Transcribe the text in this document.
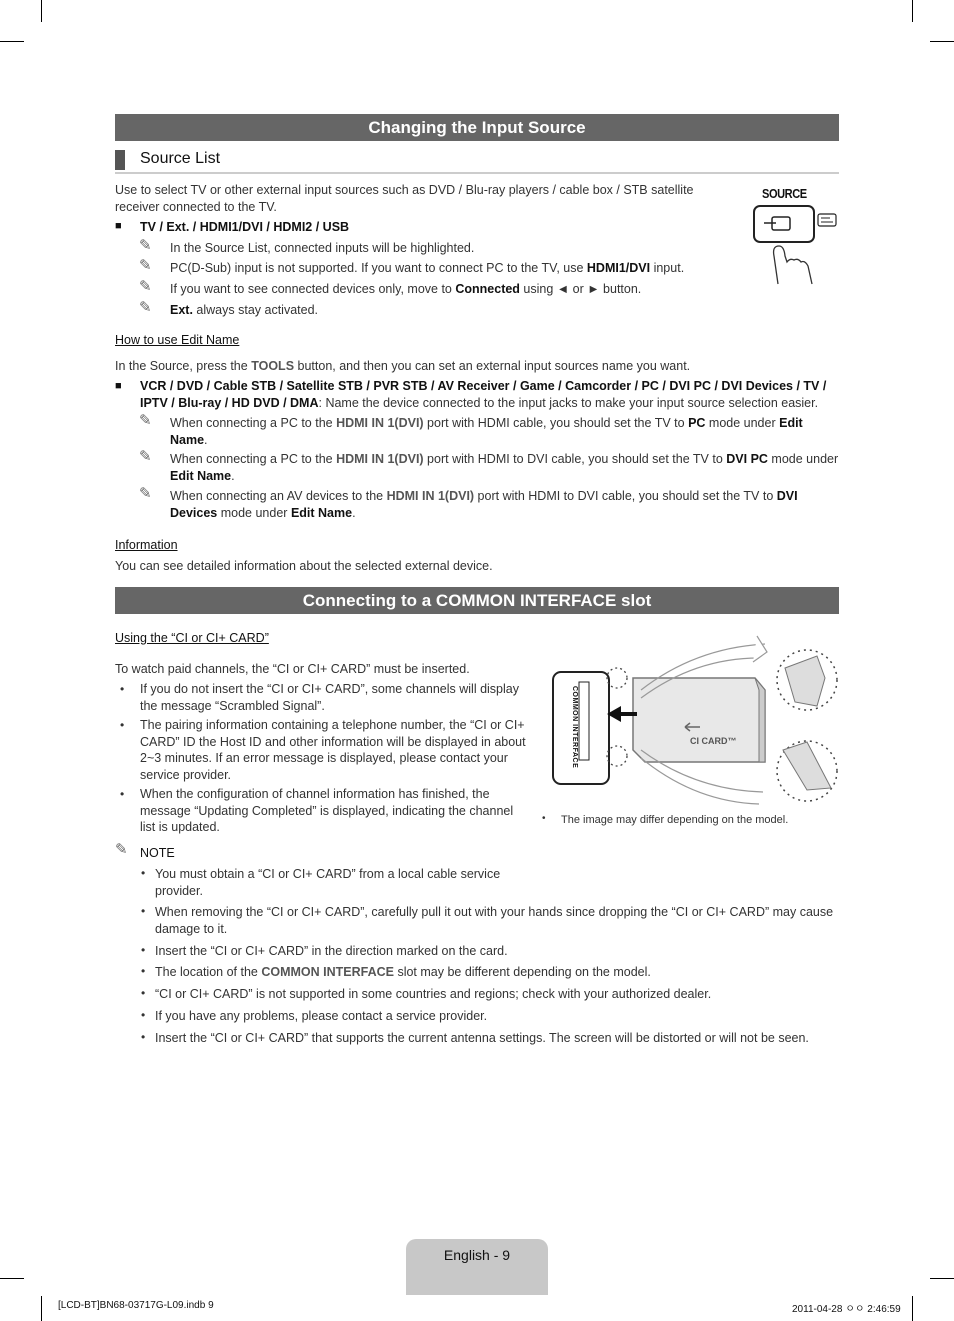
Changing the Input Source
Source List
Use to select TV or other external input sources such as DVD / Blu-ray players / cable box / STB satellite receiver connected to the TV.
■ TV / Ext. / HDMI1/DVI / HDMI2 / USB
✎ In the Source List, connected inputs will be highlighted.
✎ PC(D-Sub) input is not supported. If you want to connect PC to the TV, use HDMI1/DVI input.
✎ If you want to see connected devices only, move to Connected using ◄ or ► button.
✎ Ext. always stay activated.
SOURCE
How to use Edit Name
In the Source, press the TOOLS button, and then you can set an external input sources name you want.
■ VCR / DVD / Cable STB / Satellite STB / PVR STB / AV Receiver / Game / Camcorder / PC / DVI PC / DVI Devices / TV / IPTV / Blu-ray / HD DVD / DMA: Name the device connected to the input jacks to make your input source selection easier.
✎ When connecting a PC to the HDMI IN 1(DVI) port with HDMI cable, you should set the TV to PC mode under Edit Name.
✎ When connecting a PC to the HDMI IN 1(DVI) port with HDMI to DVI cable, you should set the TV to DVI PC mode under Edit Name.
✎ When connecting an AV devices to the HDMI IN 1(DVI) port with HDMI to DVI cable, you should set the TV to DVI Devices mode under Edit Name.
Information
You can see detailed information about the selected external device.
Connecting to a COMMON INTERFACE slot
Using the “CI or CI+ CARD”
To watch paid channels, the “CI or CI+ CARD” must be inserted.
• If you do not insert the “CI or CI+ CARD”, some channels will display the message “Scrambled Signal”.
• The pairing information containing a telephone number, the “CI or CI+ CARD” ID the Host ID and other information will be displayed in about 2~3 minutes. If an error message is displayed, please contact your service provider.
• When the configuration of channel information has finished, the message “Updating Completed” is displayed, indicating the channel list is updated.
COMMON INTERFACE	CI CARD™
• The image may differ depending on the model.
✎ NOTE
• You must obtain a “CI or CI+ CARD” from a local cable service provider.
• When removing the “CI or CI+ CARD”, carefully pull it out with your hands since dropping the “CI or CI+ CARD” may cause damage to it.
• Insert the “CI or CI+ CARD” in the direction marked on the card.
• The location of the COMMON INTERFACE slot may be different depending on the model.
• “CI or CI+ CARD” is not supported in some countries and regions; check with your authorized dealer.
• If you have any problems, please contact a service provider.
• Insert the “CI or CI+ CARD” that supports the current antenna settings. The screen will be distorted or will not be seen.
English - 9
[LCD-BT]BN68-03717G-L09.indb 9	2011-04-28 ㅇㅇ 2:46:59
